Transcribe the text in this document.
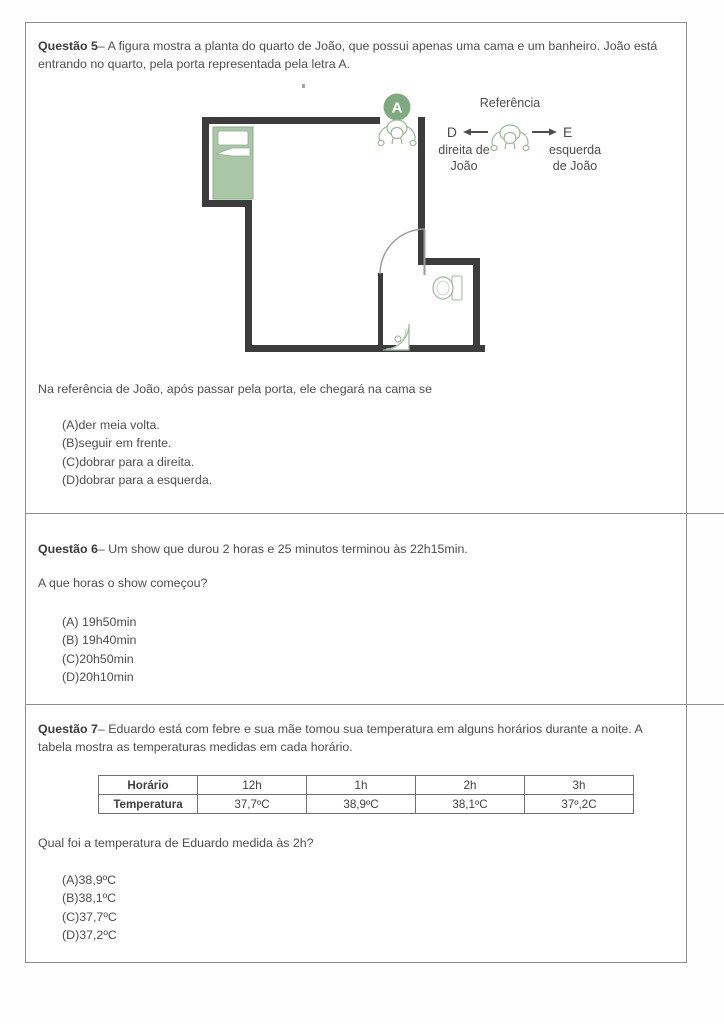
Questão 5– A figura mostra a planta do quarto de João, que possui apenas uma cama e um banheiro. João está entrando no quarto, pela porta representada pela letra A.
A	Referência
D
direita de
João
E
esquerda
de João
Na referência de João, após passar pela porta, ele chegará na cama se
(A)der meia volta.
(B)seguir em frente.
(C)dobrar para a direita.
(D)dobrar para a esquerda.
Questão 6– Um show que durou 2 horas e 25 minutos terminou às 22h15min.
A que horas o show começou?
(A) 19h50min
(B) 19h40min
(C)20h50min
(D)20h10min
Questão 7– Eduardo está com febre e sua mãe tomou sua temperatura em alguns horários durante a noite. A tabela mostra as temperaturas medidas em cada horário.
Horário	12h	1h	2h	3h
Temperatura	37,7ºC	38,9ºC	38,1ºC	37º,2C
Qual foi a temperatura de Eduardo medida às 2h?
(A)38,9ºC
(B)38,1ºC
(C)37,7ºC
(D)37,2ºC
